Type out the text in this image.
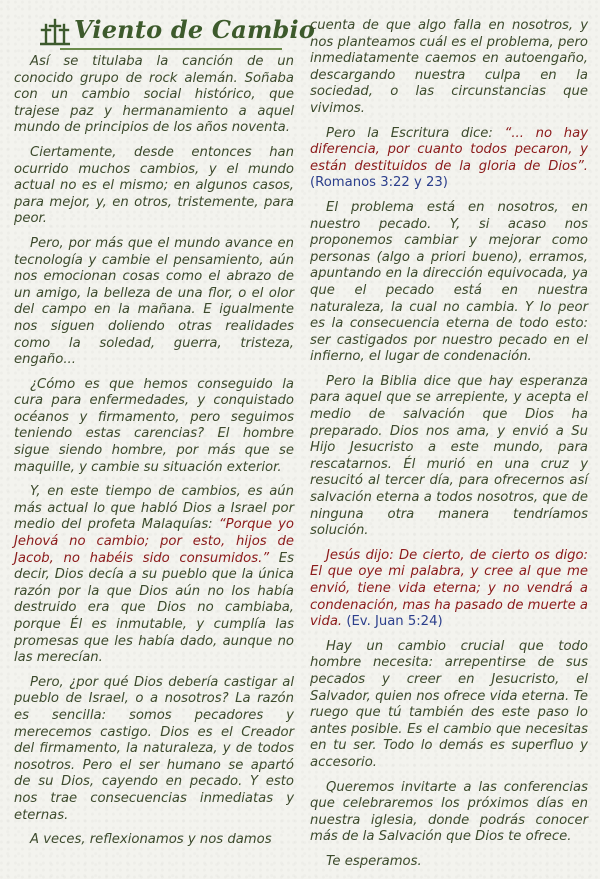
Viento de Cambio

Así se titulaba la canción de un conocido grupo de rock alemán. Soñaba con un cambio social histórico, que trajese paz y hermanamiento a aquel mundo de principios de los años noventa.

Ciertamente, desde entonces han ocurrido muchos cambios, y el mundo actual no es el mismo; en algunos casos, para mejor, y, en otros, tristemente, para peor.

Pero, por más que el mundo avance en tecnología y cambie el pensamiento, aún nos emocionan cosas como el abrazo de un amigo, la belleza de una flor, o el olor del campo en la mañana. E igualmente nos siguen doliendo otras realidades como la soledad, guerra, tristeza, engaño...

¿Cómo es que hemos conseguido la cura para enfermedades, y conquistado océanos y firmamento, pero seguimos teniendo estas carencias? El hombre sigue siendo hombre, por más que se maquille, y cambie su situación exterior.

Y, en este tiempo de cambios, es aún más actual lo que habló Dios a Israel por medio del profeta Malaquías: “Porque yo Jehová no cambio; por esto, hijos de Jacob, no habéis sido consumidos.” Es decir, Dios decía a su pueblo que la única razón por la que Dios aún no los había destruido era que Dios no cambiaba, porque Él es inmutable, y cumplía las promesas que les había dado, aunque no las merecían.

Pero, ¿por qué Dios debería castigar al pueblo de Israel, o a nosotros? La razón es sencilla: somos pecadores y merecemos castigo. Dios es el Creador del firmamento, la naturaleza, y de todos nosotros. Pero el ser humano se apartó de su Dios, cayendo en pecado. Y esto nos trae consecuencias inmediatas y eternas.

A veces, reflexionamos y nos damos

cuenta de que algo falla en nosotros, y nos planteamos cuál es el problema, pero inmediatamente caemos en autoengaño, descargando nuestra culpa en la sociedad, o las circunstancias que vivimos.

Pero la Escritura dice: “... no hay diferencia, por cuanto todos pecaron, y están destituidos de la gloria de Dios”. (Romanos 3:22 y 23)

El problema está en nosotros, en nuestro pecado. Y, si acaso nos proponemos cambiar y mejorar como personas (algo a priori bueno), erramos, apuntando en la dirección equivocada, ya que el pecado está en nuestra naturaleza, la cual no cambia. Y lo peor es la consecuencia eterna de todo esto: ser castigados por nuestro pecado en el infierno, el lugar de condenación.

Pero la Biblia dice que hay esperanza para aquel que se arrepiente, y acepta el medio de salvación que Dios ha preparado. Dios nos ama, y envió a Su Hijo Jesucristo a este mundo, para rescatarnos. Él murió en una cruz y resucitó al tercer día, para ofrecernos así salvación eterna a todos nosotros, que de ninguna otra manera tendríamos solución.

Jesús dijo: De cierto, de cierto os digo: El que oye mi palabra, y cree al que me envió, tiene vida eterna; y no vendrá a condenación, mas ha pasado de muerte a vida. (Ev. Juan 5:24)

Hay un cambio crucial que todo hombre necesita: arrepentirse de sus pecados y creer en Jesucristo, el Salvador, quien nos ofrece vida eterna. Te ruego que tú también des este paso lo antes posible. Es el cambio que necesitas en tu ser. Todo lo demás es superfluo y accesorio.

Queremos invitarte a las conferencias que celebraremos los próximos días en nuestra iglesia, donde podrás conocer más de la Salvación que Dios te ofrece.

Te esperamos.
